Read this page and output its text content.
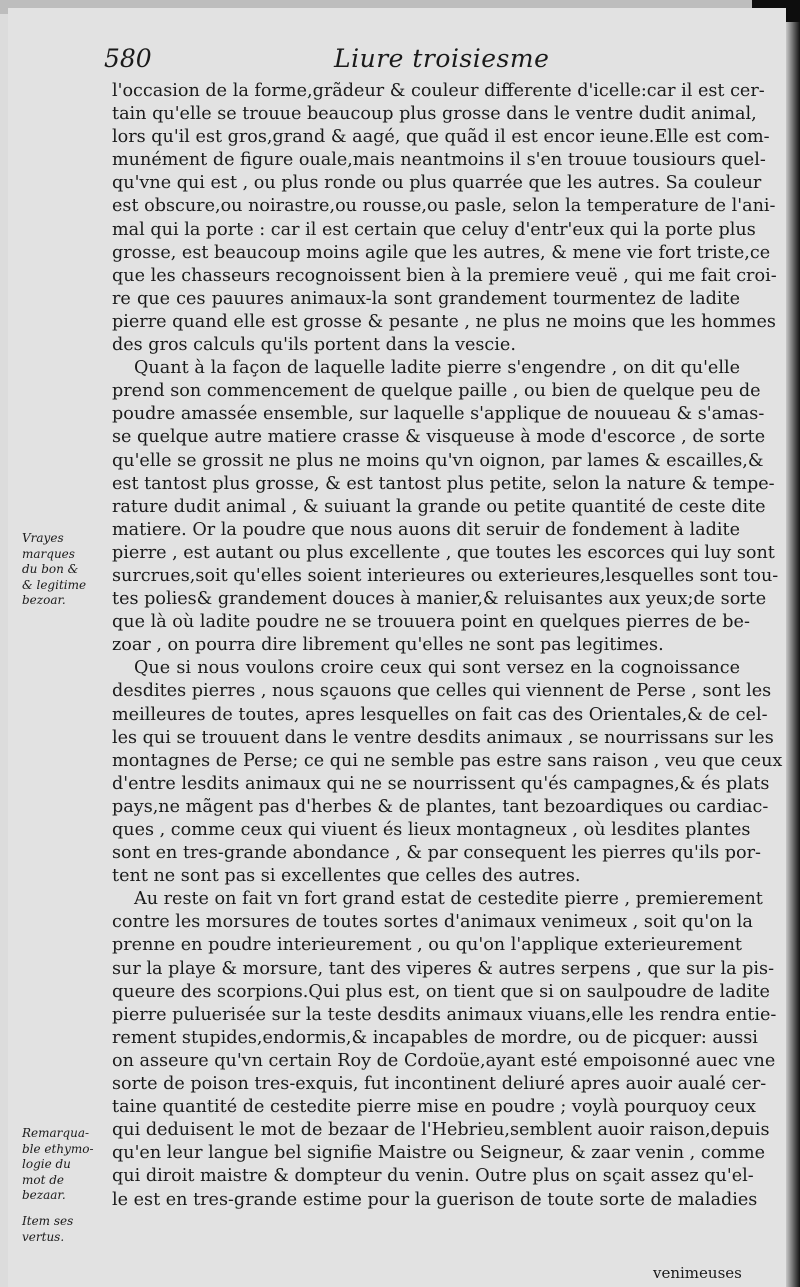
580	Liure troisiesme
l'occasion de la forme,grãdeur & couleur differente d'icelle:car il est cer-
tain qu'elle se trouue beaucoup plus grosse dans le ventre dudit animal,
lors qu'il est gros,grand & aagé, que quãd il est encor ieune.Elle est com-
munément de figure ouale,mais neantmoins il s'en trouue tousiours quel-
qu'vne qui est , ou plus ronde ou plus quarrée que les autres. Sa couleur
est obscure,ou noirastre,ou rousse,ou pasle, selon la temperature de l'ani-
mal qui la porte : car il est certain que celuy d'entr'eux qui la porte plus
grosse, est beaucoup moins agile que les autres, & mene vie fort triste,ce
que les chasseurs recognoissent bien à la premiere veuë , qui me fait croi-
re que ces pauures animaux-la sont grandement tourmentez de ladite
pierre quand elle est grosse & pesante , ne plus ne moins que les hommes
des gros calculs qu'ils portent dans la vescie.
Quant à la façon de laquelle ladite pierre s'engendre , on dit qu'elle
prend son commencement de quelque paille , ou bien de quelque peu de
poudre amassée ensemble, sur laquelle s'applique de nouueau & s'amas-
se quelque autre matiere crasse & visqueuse à mode d'escorce , de sorte
qu'elle se grossit ne plus ne moins qu'vn oignon, par lames & escailles,&
est tantost plus grosse, & est tantost plus petite, selon la nature & tempe-
rature dudit animal , & suiuant la grande ou petite quantité de ceste dite
matiere. Or la poudre que nous auons dit seruir de fondement à ladite
pierre , est autant ou plus excellente , que toutes les escorces qui luy sont
surcrues,soit qu'elles soient interieures ou exterieures,lesquelles sont tou-
tes polies& grandement douces à manier,& reluisantes aux yeux;de sorte
que là où ladite poudre ne se trouuera point en quelques pierres de be-
zoar , on pourra dire librement qu'elles ne sont pas legitimes.
Que si nous voulons croire ceux qui sont versez en la cognoissance
desdites pierres , nous sçauons que celles qui viennent de Perse , sont les
meilleures de toutes, apres lesquelles on fait cas des Orientales,& de cel-
les qui se trouuent dans le ventre desdits animaux , se nourrissans sur les
montagnes de Perse; ce qui ne semble pas estre sans raison , veu que ceux
d'entre lesdits animaux qui ne se nourrissent qu'és campagnes,& és plats
pays,ne mãgent pas d'herbes & de plantes, tant bezoardiques ou cardiac-
ques , comme ceux qui viuent és lieux montagneux , où lesdites plantes
sont en tres-grande abondance , & par consequent les pierres qu'ils por-
tent ne sont pas si excellentes que celles des autres.
Au reste on fait vn fort grand estat de cestedite pierre , premierement
contre les morsures de toutes sortes d'animaux venimeux , soit qu'on la
prenne en poudre interieurement , ou qu'on l'applique exterieurement
sur la playe & morsure, tant des viperes & autres serpens , que sur la pis-
queure des scorpions.Qui plus est, on tient que si on saulpoudre de ladite
pierre puluerisée sur la teste desdits animaux viuans,elle les rendra entie-
rement stupides,endormis,& incapables de mordre, ou de picquer: aussi
on asseure qu'vn certain Roy de Cordoüe,ayant esté empoisonné auec vne
sorte de poison tres-exquis, fut incontinent deliuré apres auoir aualé cer-
taine quantité de cestedite pierre mise en poudre ; voylà pourquoy ceux
qui deduisent le mot de bezaar de l'Hebrieu,semblent auoir raison,depuis
qu'en leur langue bel signifie Maistre ou Seigneur, & zaar venin , comme
qui diroit maistre & dompteur du venin. Outre plus on sçait assez qu'el-
le est en tres-grande estime pour la guerison de toute sorte de maladies
Vrayes
marques
du bon &
& legitime
bezoar.
Remarqua-
ble ethymo-
logie du
mot de
bezaar.
Item ses
vertus.
venimeuses
